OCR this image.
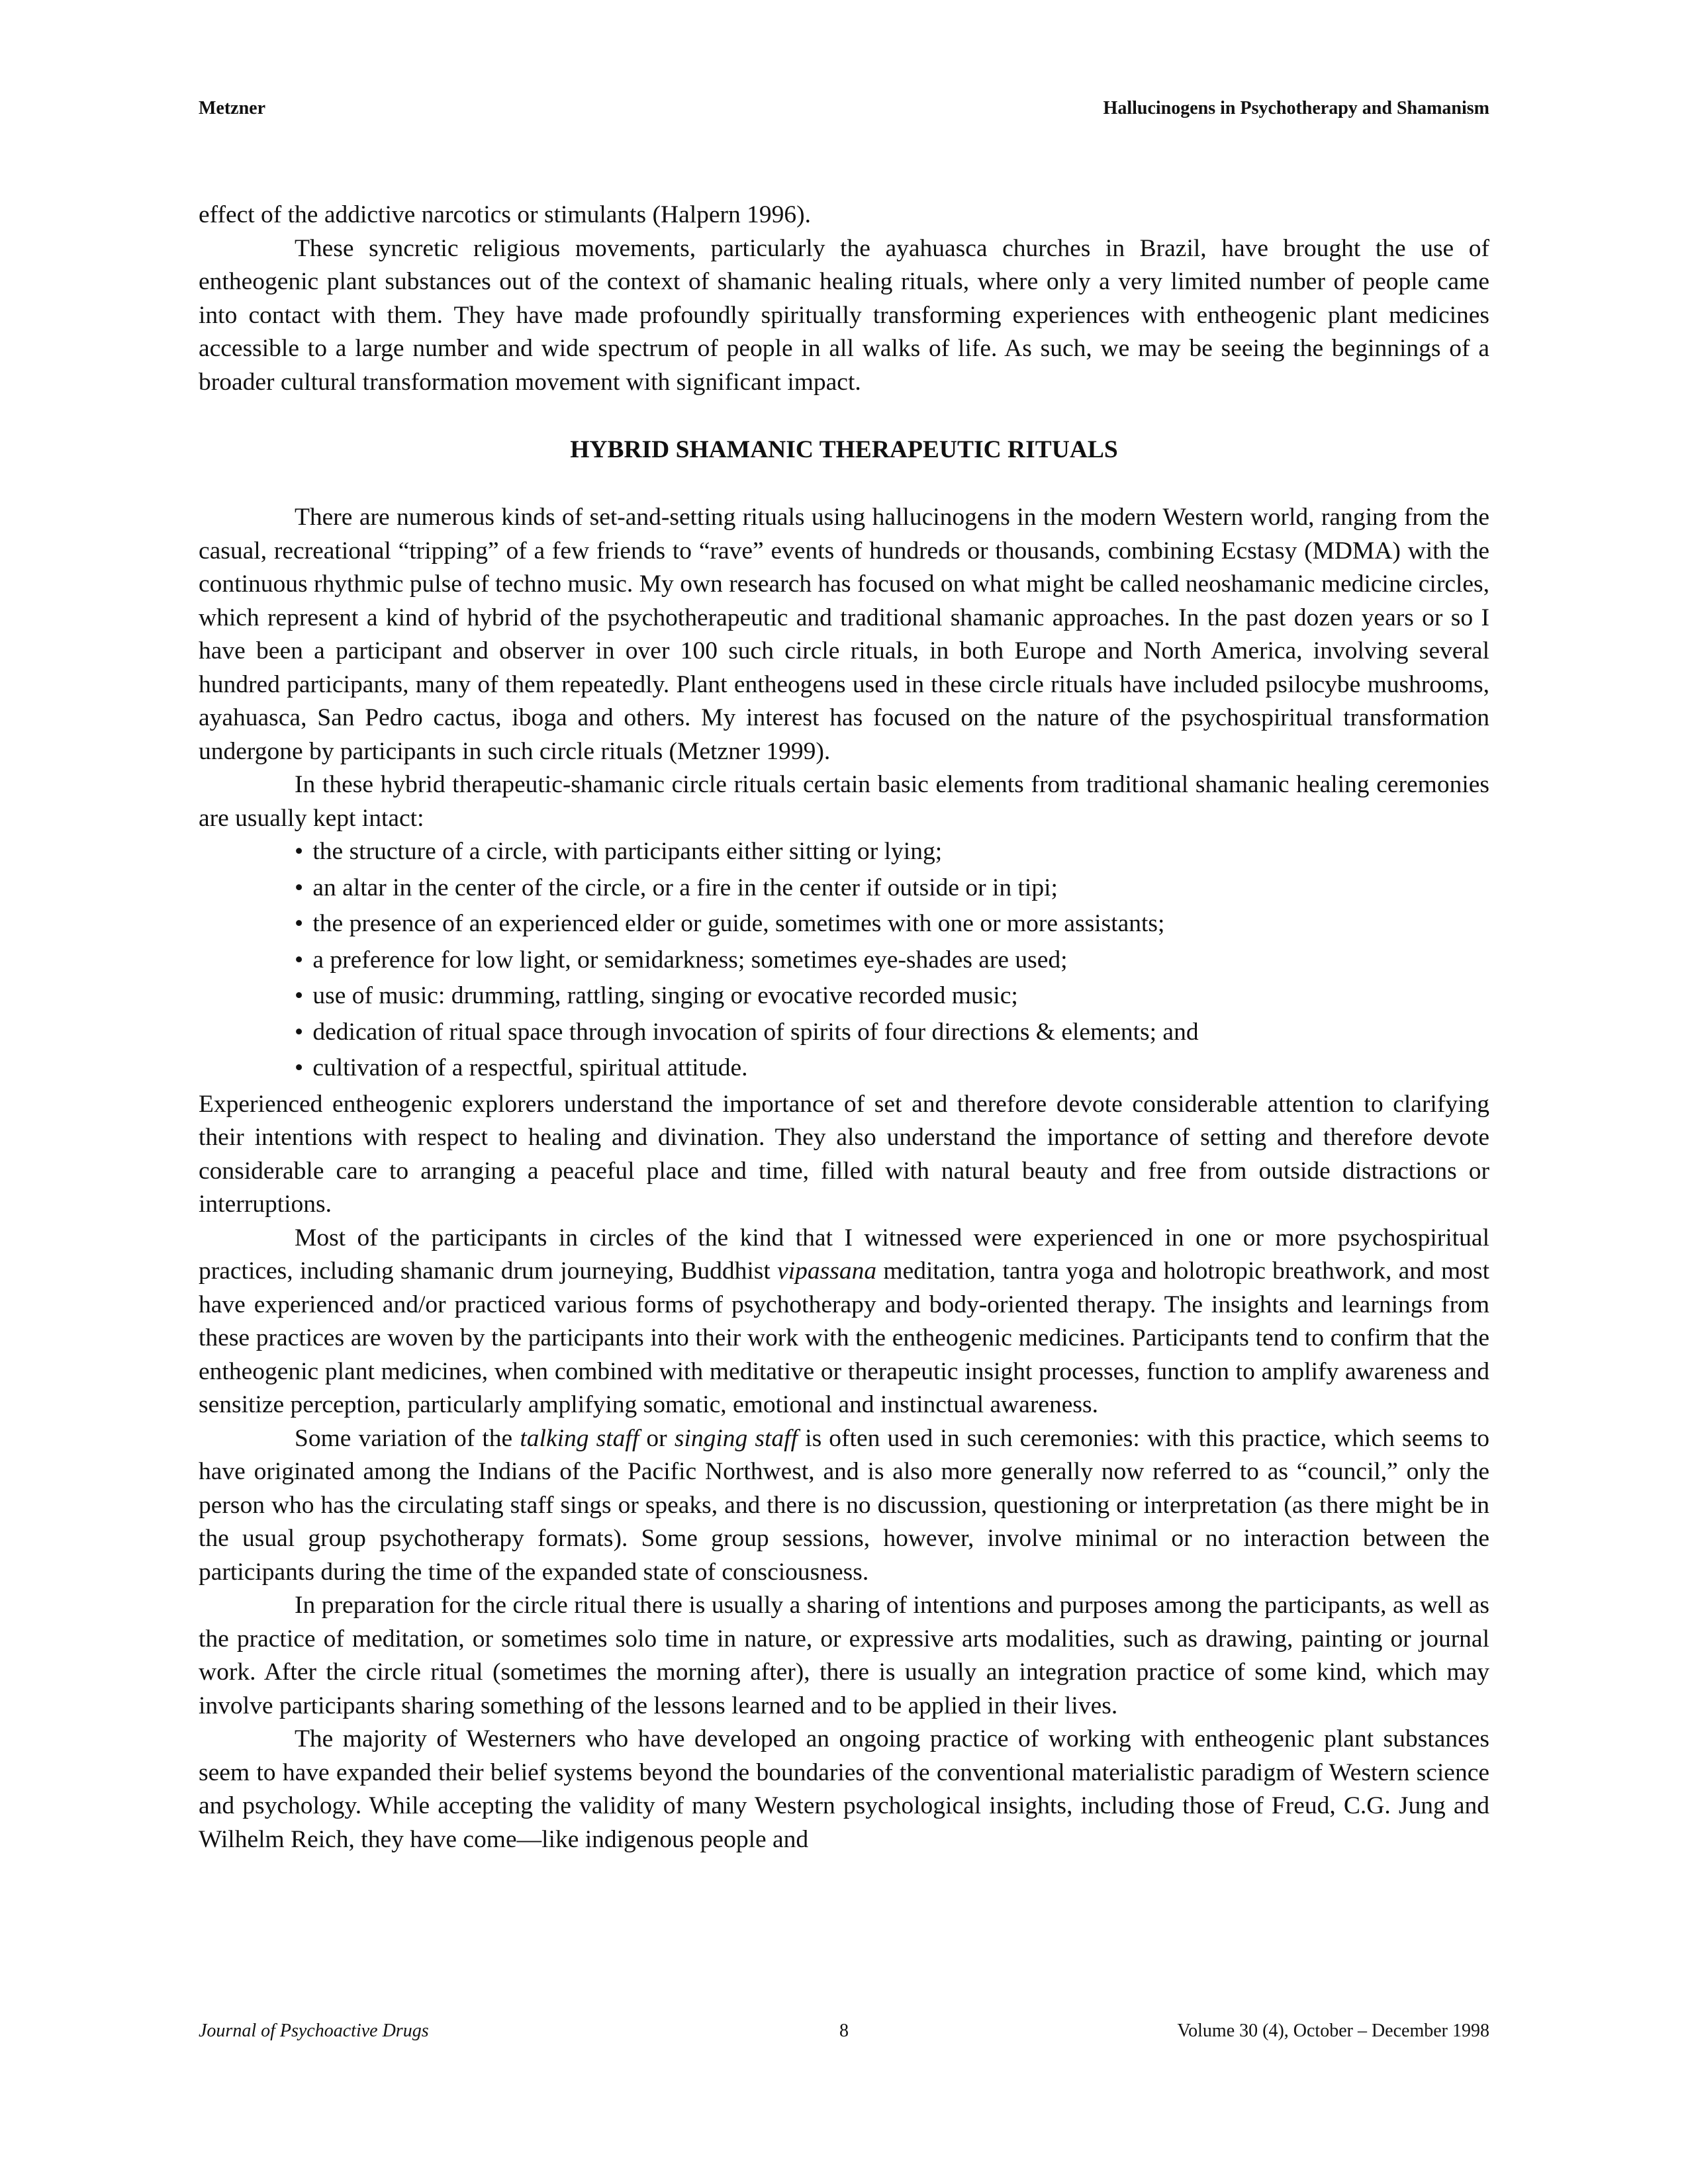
Metzner	Hallucinogens in Psychotherapy and Shamanism

effect of the addictive narcotics or stimulants (Halpern 1996).

These syncretic religious movements, particularly the ayahuasca churches in Brazil, have brought the use of entheogenic plant substances out of the context of shamanic healing rituals, where only a very limited number of people came into contact with them. They have made profoundly spiritually transforming experiences with entheogenic plant medicines accessible to a large number and wide spectrum of people in all walks of life. As such, we may be seeing the beginnings of a broader cultural transformation movement with significant impact.

HYBRID SHAMANIC THERAPEUTIC RITUALS

There are numerous kinds of set-and-setting rituals using hallucinogens in the modern Western world, ranging from the casual, recreational “tripping” of a few friends to “rave” events of hundreds or thousands, combining Ecstasy (MDMA) with the continuous rhythmic pulse of techno music. My own research has focused on what might be called neoshamanic medicine circles, which represent a kind of hybrid of the psychotherapeutic and traditional shamanic approaches. In the past dozen years or so I have been a participant and observer in over 100 such circle rituals, in both Europe and North America, involving several hundred participants, many of them repeatedly. Plant entheogens used in these circle rituals have included psilocybe mushrooms, ayahuasca, San Pedro cactus, iboga and others. My interest has focused on the nature of the psychospiritual transformation undergone by participants in such circle rituals (Metzner 1999).

In these hybrid therapeutic-shamanic circle rituals certain basic elements from traditional shamanic healing ceremonies are usually kept intact:

• the structure of a circle, with participants either sitting or lying;
• an altar in the center of the circle, or a fire in the center if outside or in tipi;
• the presence of an experienced elder or guide, sometimes with one or more assistants;
• a preference for low light, or semidarkness; sometimes eye-shades are used;
• use of music: drumming, rattling, singing or evocative recorded music;
• dedication of ritual space through invocation of spirits of four directions & elements; and
• cultivation of a respectful, spiritual attitude.

Experienced entheogenic explorers understand the importance of set and therefore devote considerable attention to clarifying their intentions with respect to healing and divination. They also understand the importance of setting and therefore devote considerable care to arranging a peaceful place and time, filled with natural beauty and free from outside distractions or interruptions.

Most of the participants in circles of the kind that I witnessed were experienced in one or more psychospiritual practices, including shamanic drum journeying, Buddhist vipassana meditation, tantra yoga and holotropic breathwork, and most have experienced and/or practiced various forms of psychotherapy and body-oriented therapy. The insights and learnings from these practices are woven by the participants into their work with the entheogenic medicines. Participants tend to confirm that the entheogenic plant medicines, when combined with meditative or therapeutic insight processes, function to amplify awareness and sensitize perception, particularly amplifying somatic, emotional and instinctual awareness.

Some variation of the talking staff or singing staff is often used in such ceremonies: with this practice, which seems to have originated among the Indians of the Pacific Northwest, and is also more generally now referred to as “council,” only the person who has the circulating staff sings or speaks, and there is no discussion, questioning or interpretation (as there might be in the usual group psychotherapy formats). Some group sessions, however, involve minimal or no interaction between the participants during the time of the expanded state of consciousness.

In preparation for the circle ritual there is usually a sharing of intentions and purposes among the participants, as well as the practice of meditation, or sometimes solo time in nature, or expressive arts modalities, such as drawing, painting or journal work. After the circle ritual (sometimes the morning after), there is usually an integration practice of some kind, which may involve participants sharing something of the lessons learned and to be applied in their lives.

The majority of Westerners who have developed an ongoing practice of working with entheogenic plant substances seem to have expanded their belief systems beyond the boundaries of the conventional materialistic paradigm of Western science and psychology. While accepting the validity of many Western psychological insights, including those of Freud, C.G. Jung and Wilhelm Reich, they have come—like indigenous people and

Journal of Psychoactive Drugs	8	Volume 30 (4), October – December 1998
